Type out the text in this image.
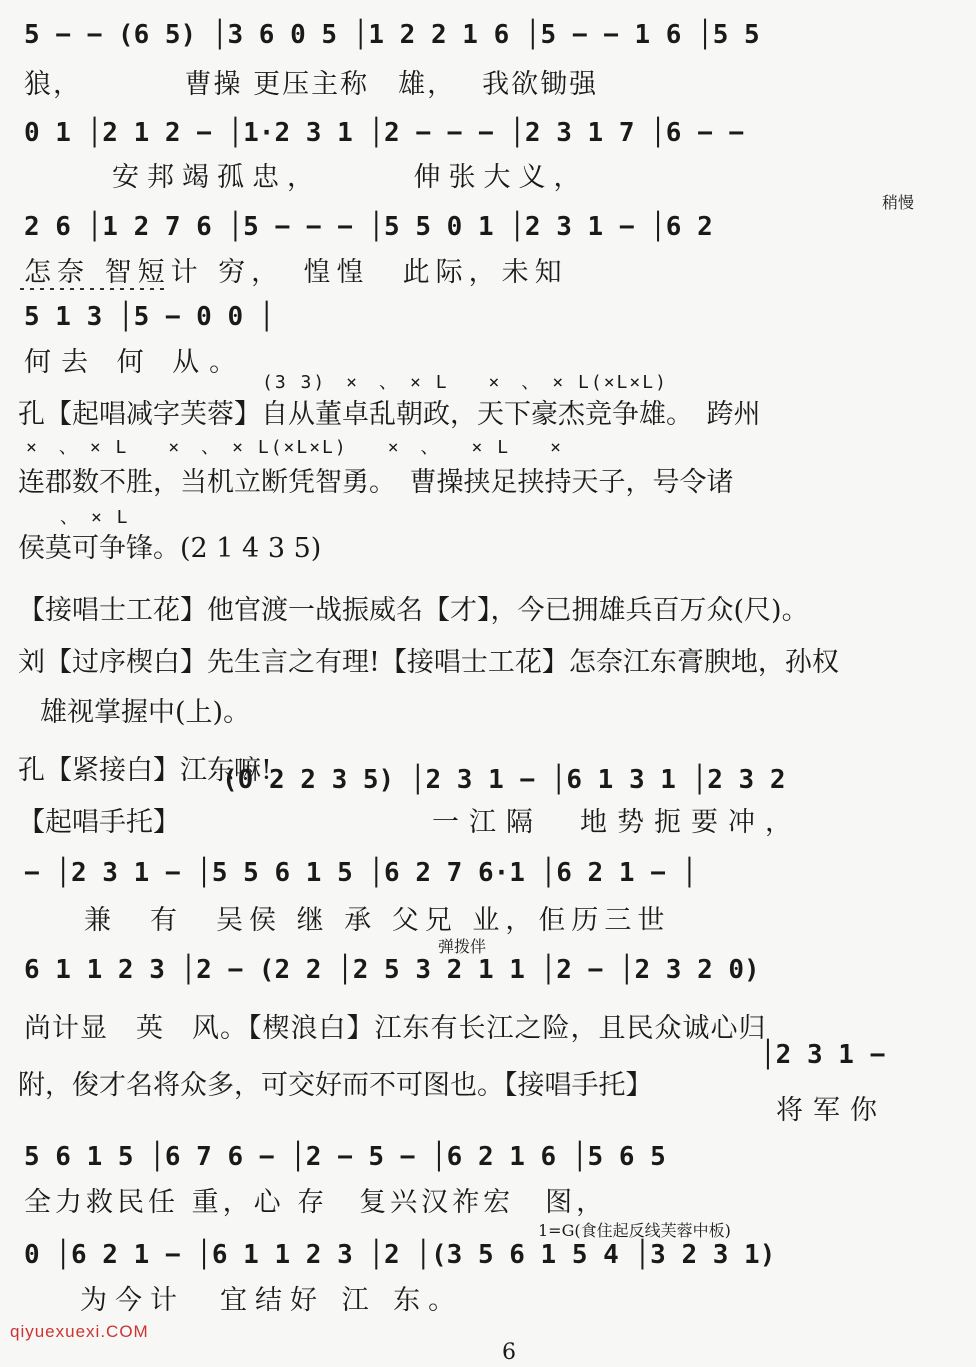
5 − − (6 5) │3 6 0 5 │1 2 2 1 6 │5 − − 1 6 │5 5
狼，　　　　曹操 更压主称　雄，　 我欲锄强
0 1 │2 1 2 − │1·2 3 1 │2 − − − │2 3 1 7 │6 − −
安邦竭孤忠，　　　伸张大义，
稍慢
2 6 │1 2 7 6 │5 − − − │5 5 0 1 │2 3 1 − │6 2
怎奈 智短计 穷，　惶惶　此际，未知
5 1 3 │5 − 0 0 │
何去 何 从。
(3 3)　×　、　× L　　×　、　× L(×L×L)
孔【起唱减字芙蓉】自从董卓乱朝政，天下豪杰竞争雄。　跨州
×　、　× L　　×　、　× L(×L×L)　　×　、　　× L　　×
连郡数不胜，当机立断凭智勇。　曹操挟足挟持天子，号令诸
、　× L
侯莫可争锋。(2 1 4 3 5)
【接唱士工花】他官渡一战振威名【才】，今已拥雄兵百万众(尺)。
刘【过序楔白】先生言之有理!【接唱士工花】怎奈江东膏腴地，孙权
雄视掌握中(上)。
孔【紧接白】江东嘛!
【起唱手托】
(0 2 2 3 5) │2 3 1 − │6 1 3 1 │2 3 2
一江隔　地势扼要冲，
− │2 3 1 − │5 5 6 1 5 │6 2 7 6·1 │6 2 1 − │
兼　有　吴侯 继 承 父兄 业，佢历三世
弹拨伴
6 1 1 2 3 │2 − (2 2 │2 5 3 2 1 1 │2 − │2 3 2 0)
尚计显　英　风。【楔浪白】江东有长江之险，且民众诚心归
附，俊才名将众多，可交好而不可图也。【接唱手托】
│2 3 1 −
将军你
5 6 1 5 │6 7 6 − │2 − 5 − │6 2 1 6 │5 6 5
全力救民任 重，心 存　复兴汉祚宏　图，
1=G(食住起反线芙蓉中板)
0 │6 2 1 − │6 1 1 2 3 │2 │(3 5 6 1 5 4 │3 2 3 1)
为今计　宜结好 江 东。
qiyuexuexi.COM
6
